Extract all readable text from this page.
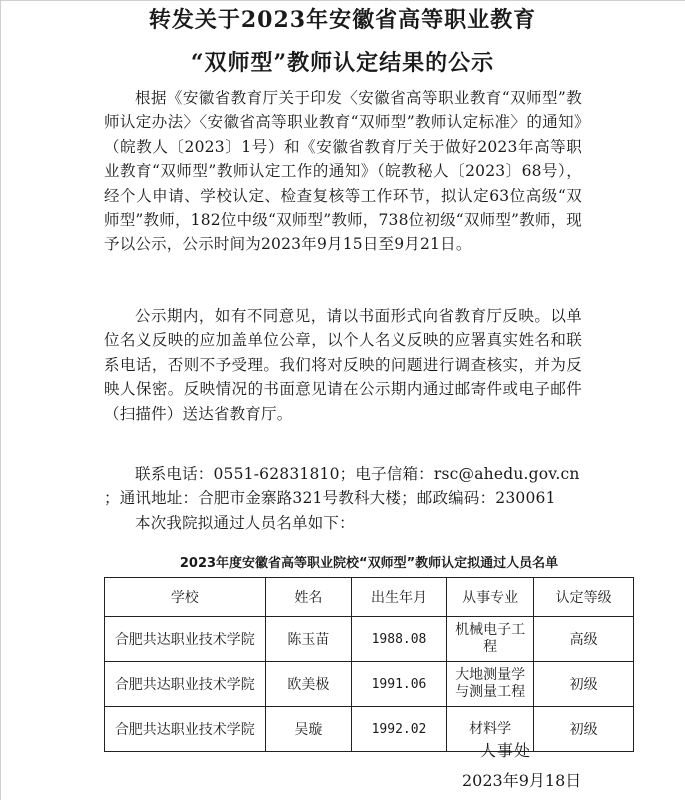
转发关于2023年安徽省高等职业教育
“双师型”教师认定结果的公示

根据《安徽省教育厅关于印发〈安徽省高等职业教育“双师型”教师认定办法〉〈安徽省高等职业教育“双师型”教师认定标准〉的通知》（皖教人〔2023〕1号）和《安徽省教育厅关于做好2023年高等职业教育“双师型”教师认定工作的通知》（皖教秘人〔2023〕68号），经个人申请、学校认定、检查复核等工作环节，拟认定63位高级“双师型”教师，182位中级“双师型”教师，738位初级“双师型”教师，现予以公示，公示时间为2023年9月15日至9月21日。

公示期内，如有不同意见，请以书面形式向省教育厅反映。以单位名义反映的应加盖单位公章，以个人名义反映的应署真实姓名和联系电话，否则不予受理。我们将对反映的问题进行调查核实，并为反映人保密。反映情况的书面意见请在公示期内通过邮寄件或电子邮件（扫描件）送达省教育厅。

联系电话：0551-62831810；电子信箱：rsc@ahedu.gov.cn

；通讯地址：合肥市金寨路321号教科大楼；邮政编码：230061

本次我院拟通过人员名单如下：

2023年度安徽省高等职业院校“双师型”教师认定拟通过人员名单
学校	姓名	出生年月	从事专业	认定等级
合肥共达职业技术学院	陈玉苗	1988.08	机械电子工程	高级
合肥共达职业技术学院	欧美极	1991.06	大地测量学与测量工程	初级
合肥共达职业技术学院	吴璇	1992.02	材料学	初级
人事处
2023年9月18日
